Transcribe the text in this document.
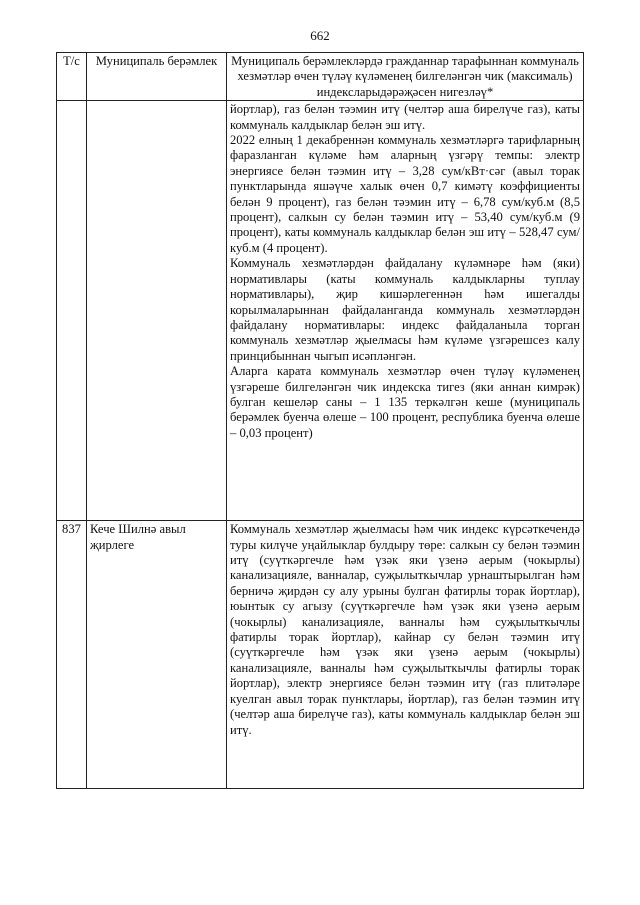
662
Т/с	Муниципаль берәмлек	Муниципаль берәмлекләрдә гражданнар тарафыннан коммуналь хезмәтләр өчен түләү күләменең билгеләнгән чик (максималь) индексларыдәрәҗәсен нигезләү*

		йортлар), газ белән тәэмин итү (челтәр аша бирелүче газ), каты коммуналь калдыклар белән эш итү.

2022 елның 1 декабреннән коммуналь хезмәтләргә тарифларның фаразланган күләме һәм аларның үзгәрү темпы: электр энергиясе белән тәэмин итү – 3,28 сум/кВт·сәг (авыл торак пунктларында яшәүче халык өчен 0,7 кимәтү коэффициенты белән 9 процент), газ белән тәэмин итү – 6,78 сум/куб.м (8,5 процент), салкын су белән тәэмин итү – 53,40 сум/куб.м (9 процент), каты коммуналь калдыклар белән эш итү – 528,47 сум/куб.м (4 процент).

Коммуналь хезмәтләрдән файдалану күләмнәре һәм (яки) нормативлары (каты коммуналь калдыкларны туплау нормативлары), җир кишәрлегеннән һәм ишегалды корылмаларыннан файдаланганда коммуналь хезмәтләрдән файдалану нормативлары: индекс файдаланыла торган коммуналь хезмәтләр җыелмасы һәм күләме үзгәрешсез калу принцибыннан чыгып исәпләнгән.

Аларга карата коммуналь хезмәтләр өчен түләү күләменең үзгәреше билгеләнгән чик индекска тигез (яки аннан кимрәк) булган кешеләр саны – 1 135 теркәлгән кеше (муниципаль берәмлек буенча өлеше – 100 процент, республика буенча өлеше – 0,03 процент)

837	Кече Шилнә авыл җирлеге	Коммуналь хезмәтләр җыелмасы һәм чик индекс күрсәткечендә туры килүче уңайлыклар булдыру төре: салкын су белән тәэмин итү (суүткәргечле һәм үзәк яки үзенә аерым (чокырлы) канализацияле, ванналар, суҗылыткычлар урнаштырылган һәм берничә җирдән су алу урыны булган фатирлы торак йортлар), юынтык су агызу (суүткәргечле һәм үзәк яки үзенә аерым (чокырлы) канализацияле, ванналы һәм суҗылыткычлы фатирлы торак йортлар), кайнар су белән тәэмин итү (суүткәргечле һәм үзәк яки үзенә аерым (чокырлы) канализацияле, ванналы һәм суҗылыткычлы фатирлы торак йортлар), электр энергиясе белән тәэмин итү (газ плитәләре куелган авыл торак пунктлары, йортлар), газ белән тәэмин итү (челтәр аша бирелүче газ), каты коммуналь калдыклар белән эш итү.
